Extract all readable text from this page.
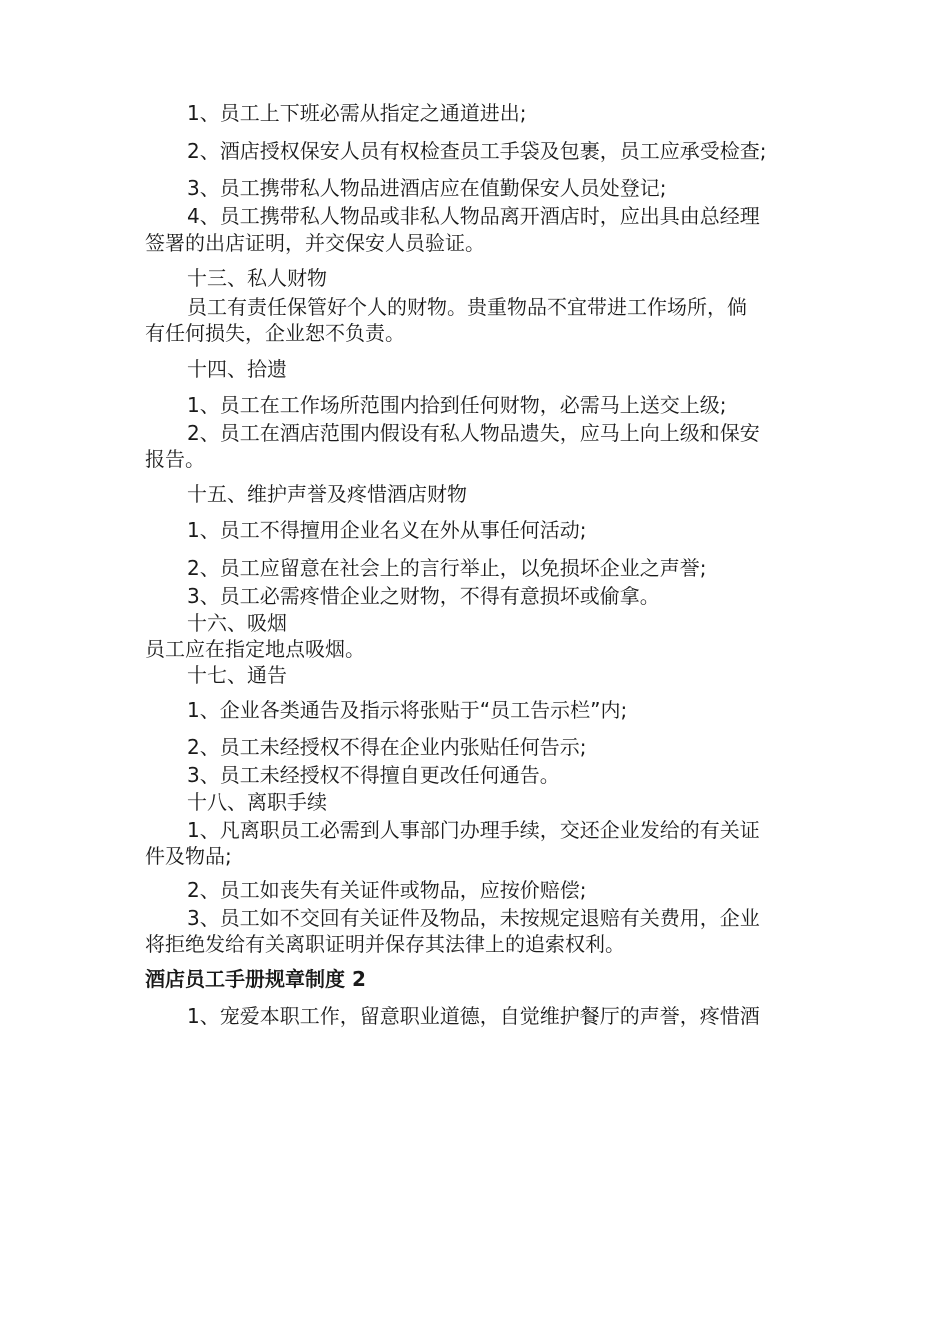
1、员工上下班必需从指定之通道进出;

2、酒店授权保安人员有权检查员工手袋及包裹，员工应承受检查;

3、员工携带私人物品进酒店应在值勤保安人员处登记;

4、员工携带私人物品或非私人物品离开酒店时，应出具由总经理

签署的出店证明，并交保安人员验证。

十三、私人财物

员工有责任保管好个人的财物。贵重物品不宜带进工作场所，倘

有任何损失，企业恕不负责。

十四、拾遗

1、员工在工作场所范围内拾到任何财物，必需马上送交上级;

2、员工在酒店范围内假设有私人物品遗失，应马上向上级和保安

报告。

十五、维护声誉及疼惜酒店财物

1、员工不得擅用企业名义在外从事任何活动;

2、员工应留意在社会上的言行举止，以免损坏企业之声誉;

3、员工必需疼惜企业之财物，不得有意损坏或偷拿。

十六、吸烟

员工应在指定地点吸烟。

十七、通告

1、企业各类通告及指示将张贴于“员工告示栏”内;

2、员工未经授权不得在企业内张贴任何告示;

3、员工未经授权不得擅自更改任何通告。

十八、离职手续

1、凡离职员工必需到人事部门办理手续，交还企业发给的有关证

件及物品;

2、员工如丧失有关证件或物品，应按价赔偿;

3、员工如不交回有关证件及物品，未按规定退赔有关费用，企业

将拒绝发给有关离职证明并保存其法律上的追索权利。

酒店员工手册规章制度 2

1、宠爱本职工作，留意职业道德，自觉维护餐厅的声誉，疼惜酒
